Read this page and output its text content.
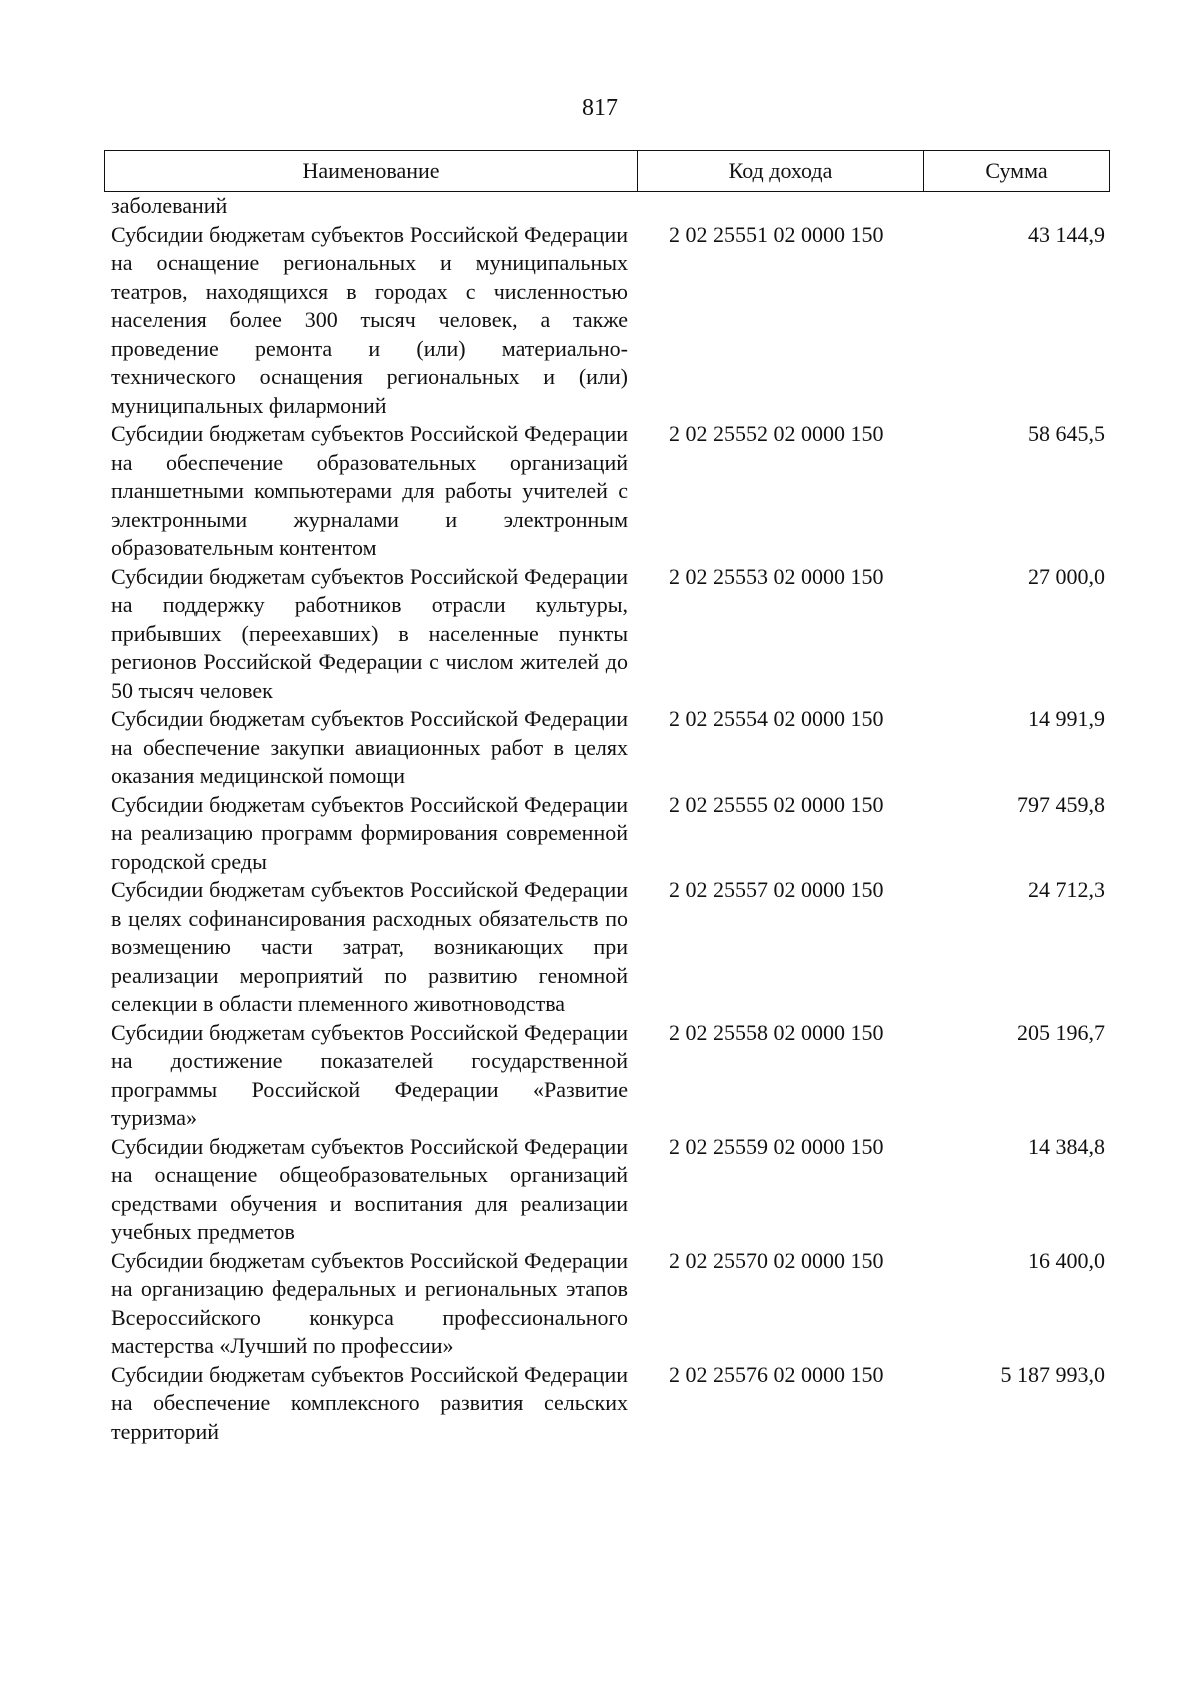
817
Наименование	Код дохода	Сумма
заболеваний
Субсидии бюджетам субъектов Российской Федерации на оснащение региональных и муниципальных театров, находящихся в городах с численностью населения более 300 тысяч человек, а также проведение ремонта и (или) материально-технического оснащения региональных и (или) муниципальных филармоний
2 02 25551 02 0000 150	43 144,9
Субсидии бюджетам субъектов Российской Федерации на обеспечение образовательных организаций планшетными компьютерами для работы учителей с электронными журналами и электронным образовательным контентом
2 02 25552 02 0000 150	58 645,5
Субсидии бюджетам субъектов Российской Федерации на поддержку работников отрасли культуры, прибывших (переехавших) в населенные пункты регионов Российской Федерации с числом жителей до 50 тысяч человек
2 02 25553 02 0000 150	27 000,0
Субсидии бюджетам субъектов Российской Федерации на обеспечение закупки авиационных работ в целях оказания медицинской помощи
2 02 25554 02 0000 150	14 991,9
Субсидии бюджетам субъектов Российской Федерации на реализацию программ формирования современной городской среды
2 02 25555 02 0000 150	797 459,8
Субсидии бюджетам субъектов Российской Федерации в целях софинансирования расходных обязательств по возмещению части затрат, возникающих при реализации мероприятий по развитию геномной селекции в области племенного животноводства
2 02 25557 02 0000 150	24 712,3
Субсидии бюджетам субъектов Российской Федерации на достижение показателей государственной программы Российской Федерации «Развитие туризма»
2 02 25558 02 0000 150	205 196,7
Субсидии бюджетам субъектов Российской Федерации на оснащение общеобразовательных организаций средствами обучения и воспитания для реализации учебных предметов
2 02 25559 02 0000 150	14 384,8
Субсидии бюджетам субъектов Российской Федерации на организацию федеральных и региональных этапов Всероссийского конкурса профессионального мастерства «Лучший по профессии»
2 02 25570 02 0000 150	16 400,0
Субсидии бюджетам субъектов Российской Федерации на обеспечение комплексного развития сельских территорий
2 02 25576 02 0000 150	5 187 993,0
